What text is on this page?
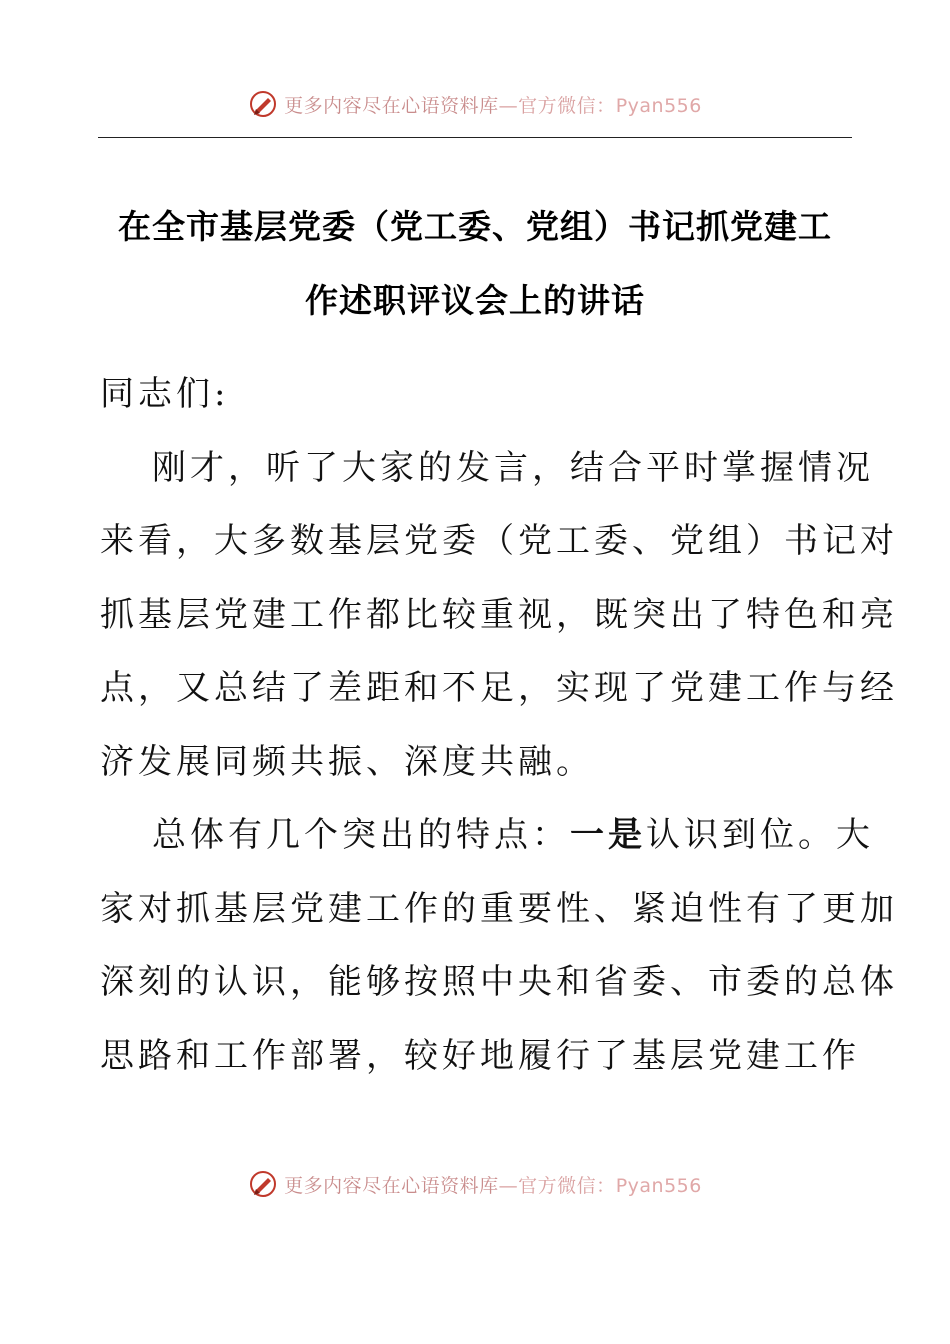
更多内容尽在心语资料库—官方微信：Pyan556
在全市基层党委（党工委、党组）书记抓党建工
作述职评议会上的讲话

同志们:

刚才，听了大家的发言，结合平时掌握情况
来看，大多数基层党委（党工委、党组）书记对
抓基层党建工作都比较重视，既突出了特色和亮
点，又总结了差距和不足，实现了党建工作与经
济发展同频共振、深度共融。

总体有几个突出的特点：一是认识到位。大
家对抓基层党建工作的重要性、紧迫性有了更加
深刻的认识，能够按照中央和省委、市委的总体
思路和工作部署，较好地履行了基层党建工作

更多内容尽在心语资料库—官方微信：Pyan556
